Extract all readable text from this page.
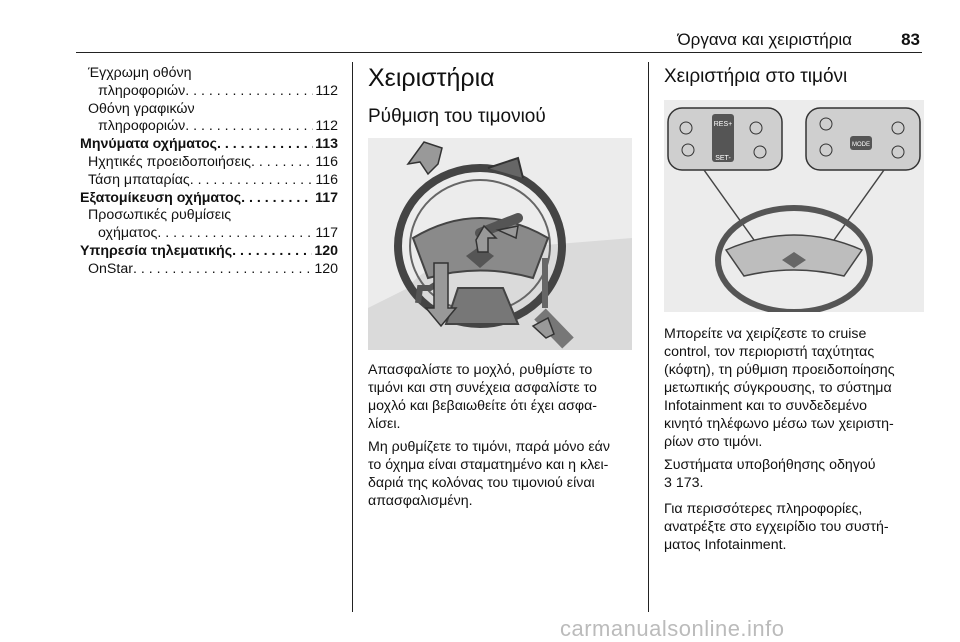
Όργανα και χειριστήρια	83
Έγχρωμη οθόνη
πληροφοριών . . .	112
Οθόνη γραφικών
πληροφοριών . . .	112
Μηνύματα οχήματος . . .	113
Ηχητικές προειδοποιήσεις . . .	116
Τάση μπαταρίας . . .	116
Εξατομίκευση οχήματος . . .	117
Προσωπικές ρυθμίσεις
οχήματος . . .	117
Υπηρεσία τηλεματικής . . .	120
OnStar . . .	120
Χειριστήρια
Ρύθμιση του τιμονιού
Απασφαλίστε το μοχλό, ρυθμίστε το
τιμόνι και στη συνέχεια ασφαλίστε το
μοχλό και βεβαιωθείτε ότι έχει ασφα-
λίσει.
Μη ρυθμίζετε το τιμόνι, παρά μόνο εάν
το όχημα είναι σταματημένο και η κλει-
δαριά της κολόνας του τιμονιού είναι
απασφαλισμένη.
Χειριστήρια στο τιμόνι
RES+
SET-
MODE
Μπορείτε να χειρίζεστε το cruise
control, τον περιοριστή ταχύτητας
(κόφτη), τη ρύθμιση προειδοποίησης
μετωπικής σύγκρουσης, το σύστημα
Infotainment και το συνδεδεμένο
κινητό τηλέφωνο μέσω των χειριστη-
ρίων στο τιμόνι.
Συστήματα υποβοήθησης οδηγού
3 173.
Για περισσότερες πληροφορίες,
ανατρέξτε στο εγχειρίδιο του συστή-
ματος Infotainment.
carmanualsonline.info
